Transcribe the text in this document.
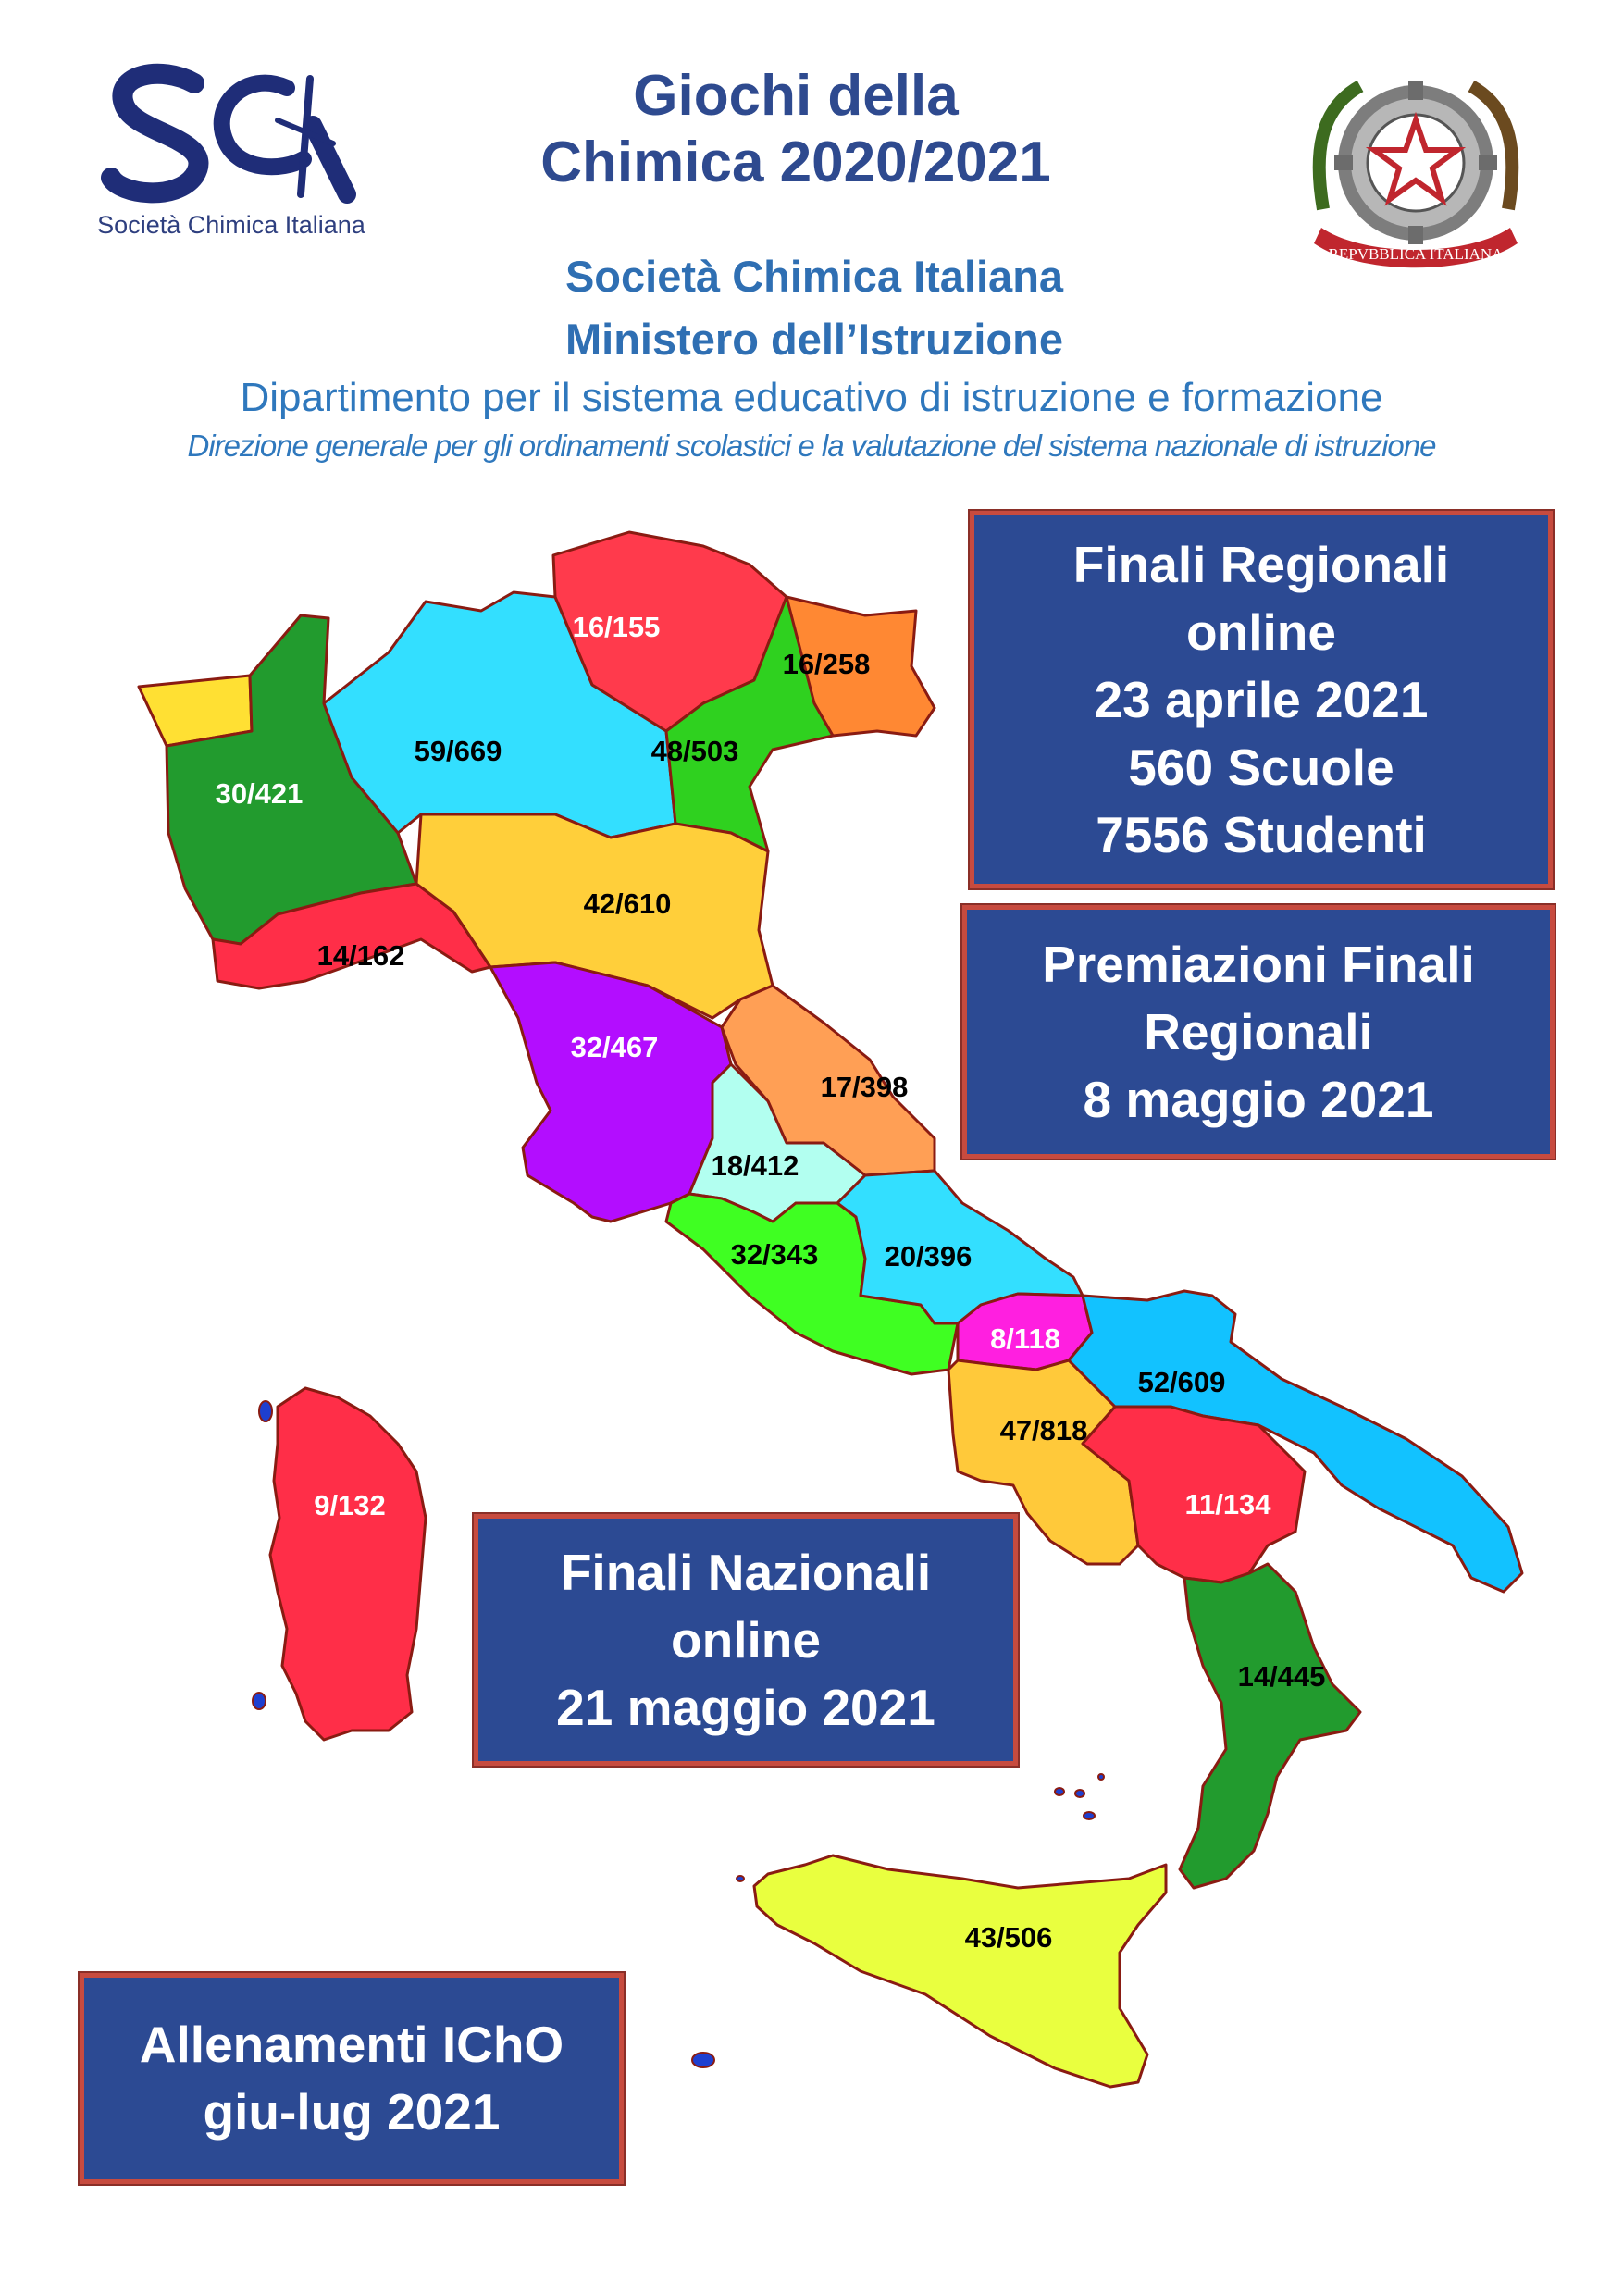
Giochi della
Chimica 2020/2021
Società Chimica Italiana
Ministero dell’Istruzione
Dipartimento per il sistema educativo di istruzione e formazione
Direzione generale per gli ordinamenti scolastici e la valutazione del sistema nazionale di istruzione
Società Chimica Italiana
REPVBBLICA ITALIANA
16/155
16/258
48/503
59/669
30/421
14/162
42/610
32/467
17/398
18/412
32/343 20/396
8/118
47/818
52/609
11/134
14/445
43/506
9/132
Finali Regionali
online
23 aprile 2021
560 Scuole
7556 Studenti
Premiazioni Finali
Regionali
8 maggio 2021
Finali Nazionali
online
21 maggio 2021
Allenamenti IChO
giu-lug 2021
